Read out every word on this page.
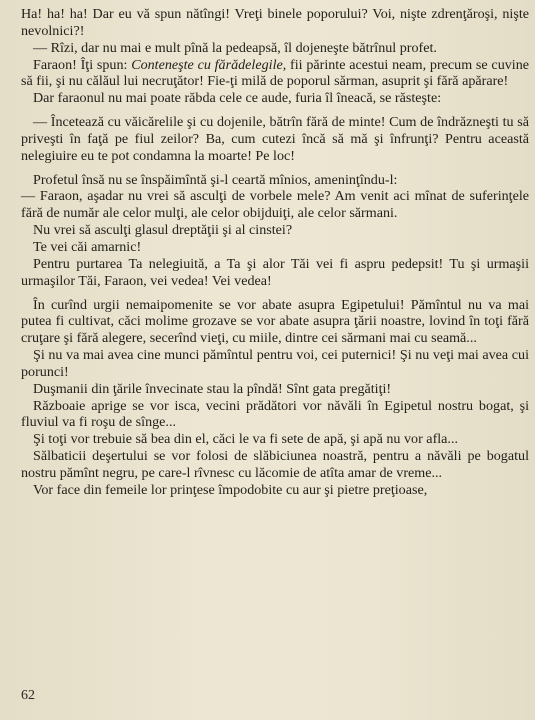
Ha! ha! ha! Dar eu vă spun nătîngi! Vreţi binele poporului? Voi, nişte zdrenţăroşi, nişte nevolnici?!

— Rîzi, dar nu mai e mult pînă la pedeapsă, îl dojeneşte bătrînul profet.

Faraon! Îţi spun: Conteneşte cu fărădelegile, fii părinte acestui neam, precum se cuvine să fii, şi nu călăul lui necruţător! Fie-ţi milă de poporul sărman, asuprit şi fără apărare!

Dar faraonul nu mai poate răbda cele ce aude, furia îl îneacă, se răsteşte:

— Încetează cu văicărelile şi cu dojenile, bătrîn fără de minte! Cum de îndrăzneşti tu să priveşti în faţă pe fiul zeilor? Ba, cum cutezi încă să mă şi înfrunţi? Pentru această nelegiuire eu te pot condamna la moarte! Pe loc!

Profetul însă nu se înspăimîntă şi-l ceartă mînios, ameninţîndu-l:

— Faraon, aşadar nu vrei să asculţi de vorbele mele? Am venit aci mînat de suferinţele fără de număr ale celor mulţi, ale celor obijduiţi, ale celor sărmani.

Nu vrei să asculţi glasul dreptăţii şi al cinstei?

Te vei căi amarnic!

Pentru purtarea Ta nelegiuită, a Ta şi alor Tăi vei fi aspru pedepsit! Tu şi urmaşii urmaşilor Tăi, Faraon, vei vedea! Vei vedea!

În curînd urgii nemaipomenite se vor abate asupra Egipetului! Pămîntul nu va mai putea fi cultivat, căci molime grozave se vor abate asupra ţării noastre, lovind în toţi fără cruţare şi fără alegere, secerînd vieţi, cu miile, dintre cei sărmani mai cu seamă...

Şi nu va mai avea cine munci pămîntul pentru voi, cei puternici! Şi nu veţi mai avea cui porunci!

Duşmanii din ţările învecinate stau la pîndă! Sînt gata pregătiţi!

Războaie aprige se vor isca, vecini prădători vor năvăli în Egipetul nostru bogat, şi fluviul va fi roşu de sînge...

Şi toţi vor trebuie să bea din el, căci le va fi sete de apă, şi apă nu vor afla...

Sălbaticii deşertului se vor folosi de slăbiciunea noastră, pentru a năvăli pe bogatul nostru pămînt negru, pe care-l rîvnesc cu lăcomie de atîta amar de vreme...

Vor face din femeile lor prinţese împodobite cu aur şi pietre preţioase,

62
